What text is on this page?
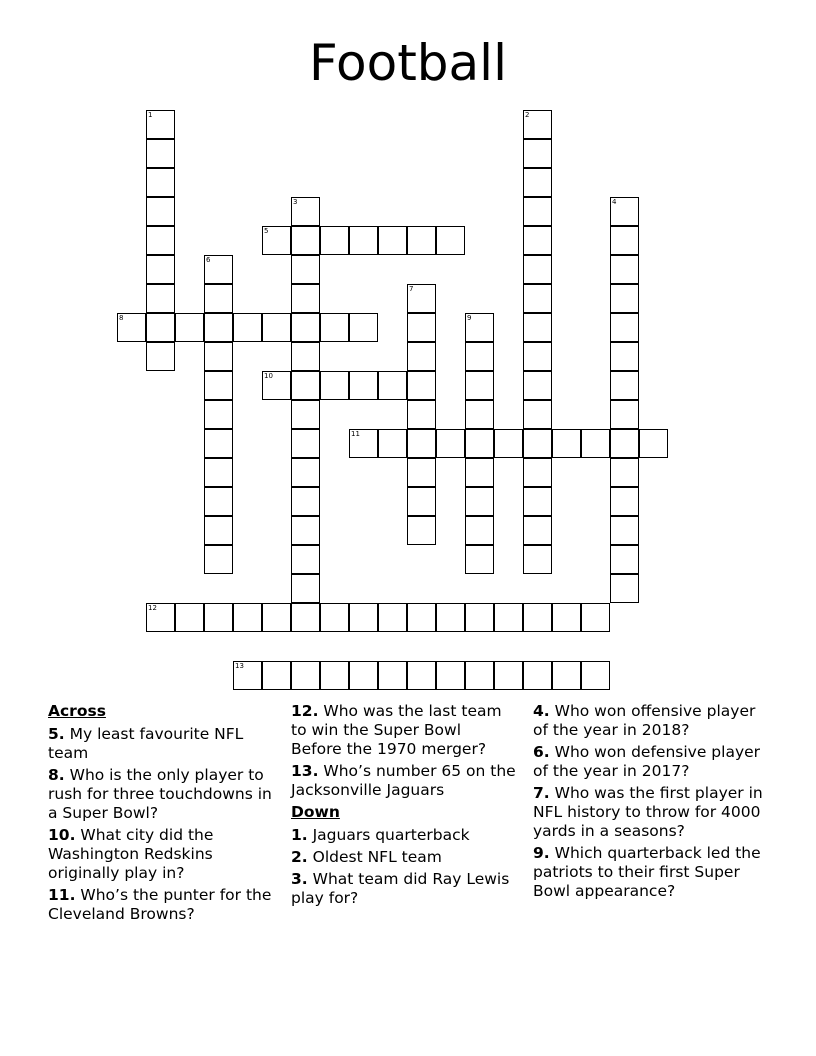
Football
1	2
3	4
5
6
7
8	9
10
11
12
13
Across
5. My least favourite NFL team
8. Who is the only player to rush for three touchdowns in a Super Bowl?
10. What city did the Washington Redskins originally play in?
11. Who’s the punter for the Cleveland Browns?
12. Who was the last team to win the Super Bowl Before the 1970 merger?
13. Who’s number 65 on the Jacksonville Jaguars
Down
1. Jaguars quarterback
2. Oldest NFL team
3. What team did Ray Lewis play for?
4. Who won offensive player of the year in 2018?
6. Who won defensive player of the year in 2017?
7. Who was the first player in NFL history to throw for 4000 yards in a seasons?
9. Which quarterback led the patriots to their first Super Bowl appearance?
